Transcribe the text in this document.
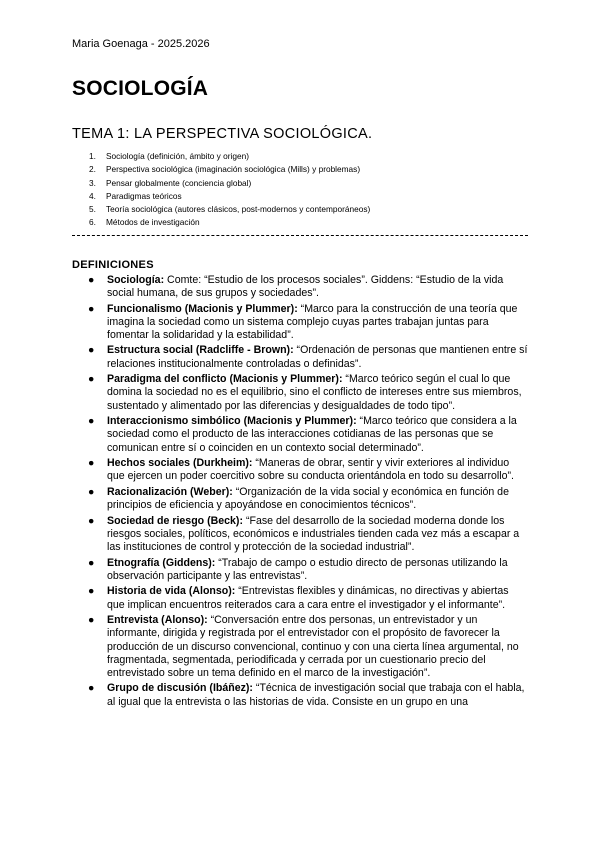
Maria Goenaga - 2025.2026

SOCIOLOGÍA
TEMA 1: LA PERSPECTIVA SOCIOLÓGICA.
1.	Sociología (definición, ámbito y origen)
2.	Perspectiva sociológica (imaginación sociológica (Mills) y problemas)
3.	Pensar globalmente (conciencia global)
4.	Paradigmas teóricos
5.	Teoría sociológica (autores clásicos, post-modernos y contemporáneos)
6.	Métodos de investigación
DEFINICIONES
● Sociología: Comte: “Estudio de los procesos sociales”. Giddens: “Estudio de la vida social humana, de sus grupos y sociedades”.
● Funcionalismo (Macionis y Plummer): “Marco para la construcción de una teoría que imagina la sociedad como un sistema complejo cuyas partes trabajan juntas para fomentar la solidaridad y la estabilidad”.
● Estructura social (Radcliffe - Brown): “Ordenación de personas que mantienen entre sí relaciones institucionalmente controladas o definidas”.
● Paradigma del conflicto (Macionis y Plummer): “Marco teórico según el cual lo que domina la sociedad no es el equilibrio, sino el conflicto de intereses entre sus miembros, sustentado y alimentado por las diferencias y desigualdades de todo tipo”.
● Interaccionismo simbólico (Macionis y Plummer): “Marco teórico que considera a la sociedad como el producto de las interacciones cotidianas de las personas que se comunican entre sí o coinciden en un contexto social determinado”.
● Hechos sociales (Durkheim): “Maneras de obrar, sentir y vivir exteriores al individuo que ejercen un poder coercitivo sobre su conducta orientándola en todo su desarrollo”.
● Racionalización (Weber): “Organización de la vida social y económica en función de principios de eficiencia y apoyándose en conocimientos técnicos”.
● Sociedad de riesgo (Beck): “Fase del desarrollo de la sociedad moderna donde los riesgos sociales, políticos, económicos e industriales tienden cada vez más a escapar a las instituciones de control y protección de la sociedad industrial”.
● Etnografía (Giddens): “Trabajo de campo o estudio directo de personas utilizando la observación participante y las entrevistas”.
● Historia de vida (Alonso): “Entrevistas flexibles y dinámicas, no directivas y abiertas que implican encuentros reiterados cara a cara entre el investigador y el informante”.
● Entrevista (Alonso): “Conversación entre dos personas, un entrevistador y un informante, dirigida y registrada por el entrevistador con el propósito de favorecer la producción de un discurso convencional, continuo y con una cierta línea argumental, no fragmentada, segmentada, periodificada y cerrada por un cuestionario precio del entrevistado sobre un tema definido en el marco de la investigación”.
● Grupo de discusión (Ibáñez): “Técnica de investigación social que trabaja con el habla, al igual que la entrevista o las historias de vida. Consiste en un grupo en una
